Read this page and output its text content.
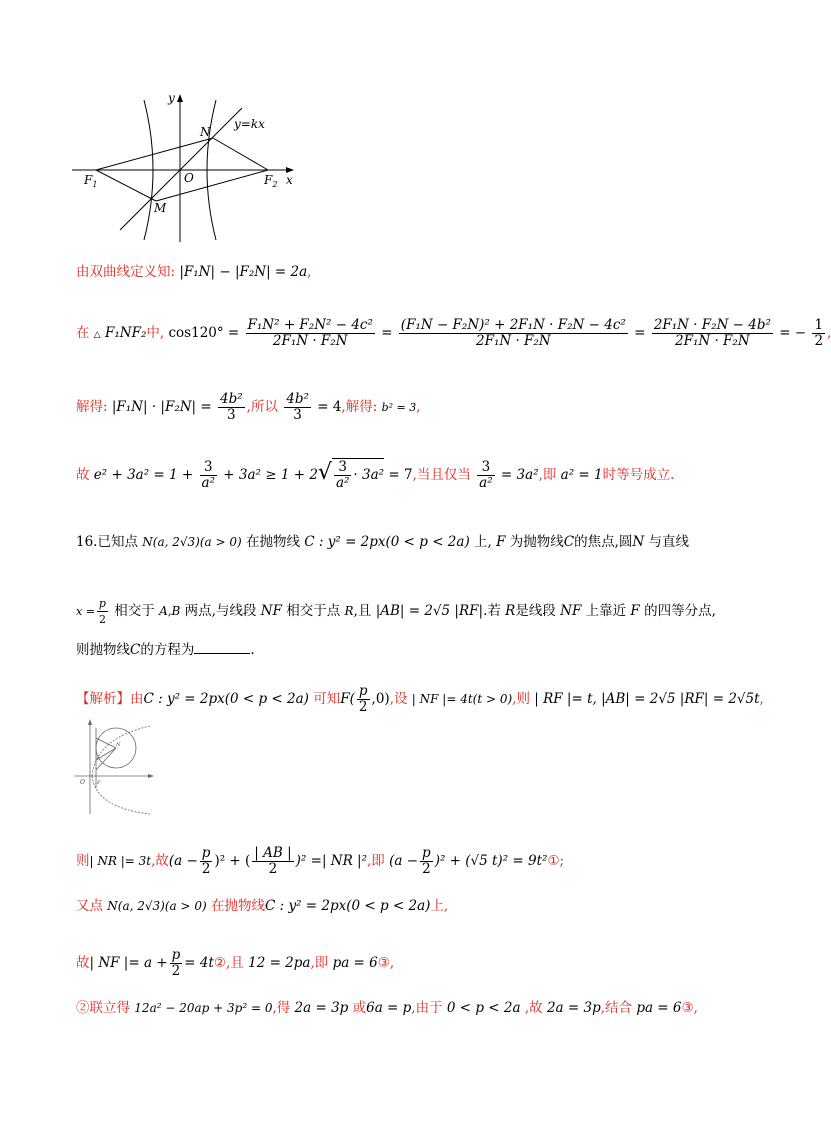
y
x
N
y=kx
O
M
$F_1$	$F_2$
由双曲线定义知: |F₁N| − |F₂N| = 2a,
在 △ F₁NF₂中, $\cos 120^\circ = \frac{\text{F₁N² + F₂N² − 4c²}}{\text{2F₁N · F₂N}} = \frac{\text{(F₁N − F₂N)² + 2F₁N · F₂N − 4c²}}{\text{2F₁N · F₂N}} = \frac{\text{2F₁N · F₂N − 4b²}}{\text{2F₁N · F₂N}}$ = − $\frac{1}{2}$ ,
解得: $|F_1N| \cdot |F_2N| = \frac{\text{4b²}}{3}$ ,所以 $\frac{\text{4b²}}{3} = 4$,解得: b² = 3,
故 $e^2 + 3a^2 = 1 + \frac{3}{\text{a²}} + 3a^2 \ge 1 + 2√ \frac{3}{\text{a²}} \cdot 3a^2 = 7$,当且仅当 $\frac{3}{\text{a²}} = 3a^2$,即 a² = 1时等号成立.
16.已知点 N(a, 2√3)(a > 0) 在抛物线 C : y² = 2px(0 < p < 2a) 上, F 为抛物线C的焦点,圆N 与直线
$x = \frac{p}{2}$ 相交于 A,B 两点,与线段 NF 相交于点 R,且 |AB| = 2√5 |RF|.若 R是线段 NF 上靠近 F 的四等分点,
则抛物线C的方程为	.
【解析】由C : y² = 2px(0 < p < 2a) 可知$F( \frac{p}{2} ,0)$,设 | NF |= 4t(t > 0),则 | RF |= t, |AB| = 2√5 |RF| = 2√5t,
O
N
F
则| NR |= 3t,故$(a - \frac{p}{2} )^2$ + ( $\frac{| AB |}{2} )^2$ =| NR |²,即 $(a - \frac{p}{2} )^2 + (√5$ t)² = 9t²①;
又点 N(a, 2√3)(a > 0) 在抛物线C : y² = 2px(0 < p < 2a)上,
故| NF |= $a + \frac{p}{2}$ = 4t②,且 12 = 2pa,即 pa = 6③,
②联立得 12a² − 20ap + 3p² = 0,得 2a = 3p 或6a = p,由于 0 < p < 2a ,故 2a = 3p,结合 pa = 6③,
